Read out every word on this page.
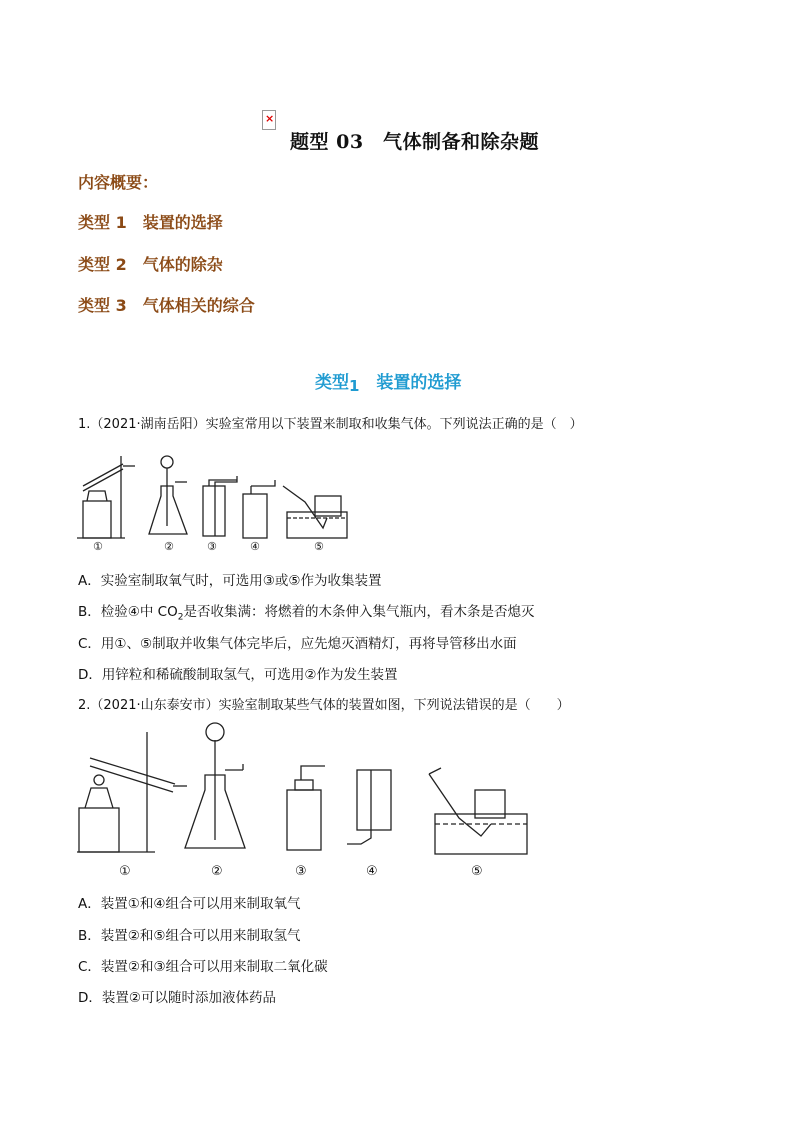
×
题型 03　气体制备和除杂题
内容概要：
类型 1　装置的选择
类型 2　气体的除杂
类型 3　气体相关的综合
类型1　装置的选择
1.（2021·湖南岳阳）实验室常用以下装置来制取和收集气体。下列说法正确的是（　）
①	②	③	④	⑤
A．实验室制取氧气时，可选用③或⑤作为收集装置
B．检验④中 $CO_2$是否收集满：将燃着的木条伸入集气瓶内，看木条是否熄灭
C．用①、⑤制取并收集气体完毕后，应先熄灭酒精灯，再将导管移出水面
D．用锌粒和稀硫酸制取氢气，可选用②作为发生装置
2.（2021·山东泰安市）实验室制取某些气体的装置如图，下列说法错误的是（　　）
①	②	③	④	⑤
A．装置①和④组合可以用来制取氧气
B．装置②和⑤组合可以用来制取氢气
C．装置②和③组合可以用来制取二氧化碳
D．装置②可以随时添加液体药品
